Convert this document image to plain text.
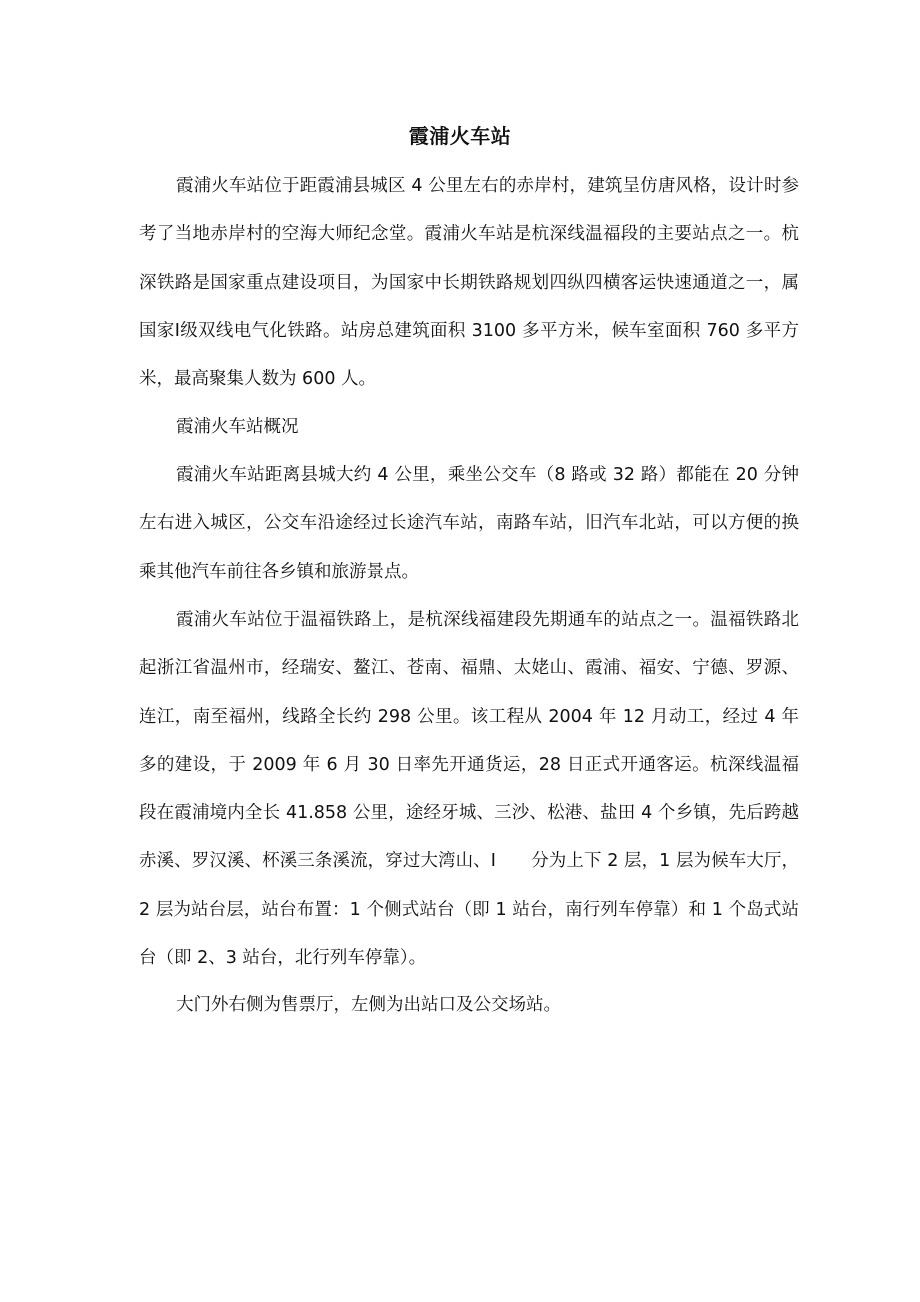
霞浦火车站

霞浦火车站位于距霞浦县城区 4 公里左右的赤岸村，建筑呈仿唐风格，设计时参考了当地赤岸村的空海大师纪念堂。霞浦火车站是杭深线温福段的主要站点之一。杭深铁路是国家重点建设项目，为国家中长期铁路规划四纵四横客运快速通道之一，属国家Ⅰ级双线电气化铁路。站房总建筑面积 3100 多平方米，候车室面积 760 多平方米，最高聚集人数为 600 人。

霞浦火车站概况

霞浦火车站距离县城大约 4 公里，乘坐公交车（8 路或 32 路）都能在 20 分钟左右进入城区，公交车沿途经过长途汽车站，南路车站，旧汽车北站，可以方便的换乘其他汽车前往各乡镇和旅游景点。

霞浦火车站位于温福铁路上，是杭深线福建段先期通车的站点之一。温福铁路北起浙江省温州市，经瑞安、鳌江、苍南、福鼎、太姥山、霞浦、福安、宁德、罗源、连江，南至福州，线路全长约 298 公里。该工程从 2004 年 12 月动工，经过 4 年多的建设，于 2009 年 6 月 30 日率先开通货运，28 日正式开通客运。杭深线温福段在霞浦境内全长 41.858 公里，途经牙城、三沙、松港、盐田 4 个乡镇，先后跨越赤溪、罗汉溪、杯溪三条溪流，穿过大湾山、Ⅰ　　分为上下 2 层，1 层为候车大厅，2 层为站台层，站台布置：1 个侧式站台（即 1 站台，南行列车停靠）和 1 个岛式站台（即 2、3 站台，北行列车停靠）。

大门外右侧为售票厅，左侧为出站口及公交场站。
